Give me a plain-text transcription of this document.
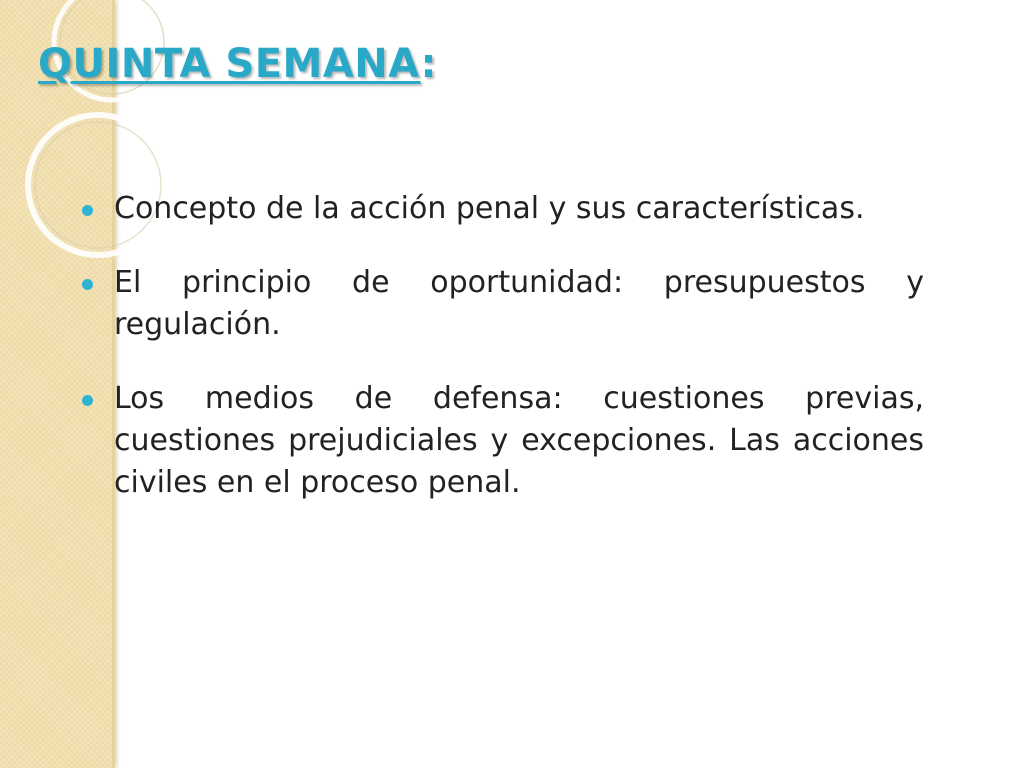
QUINTA SEMANA:
Concepto de la acción penal y sus características.
El principio de oportunidad: presupuestos y regulación.
Los medios de defensa: cuestiones previas, cuestiones prejudiciales y excepciones. Las acciones civiles en el proceso penal.
